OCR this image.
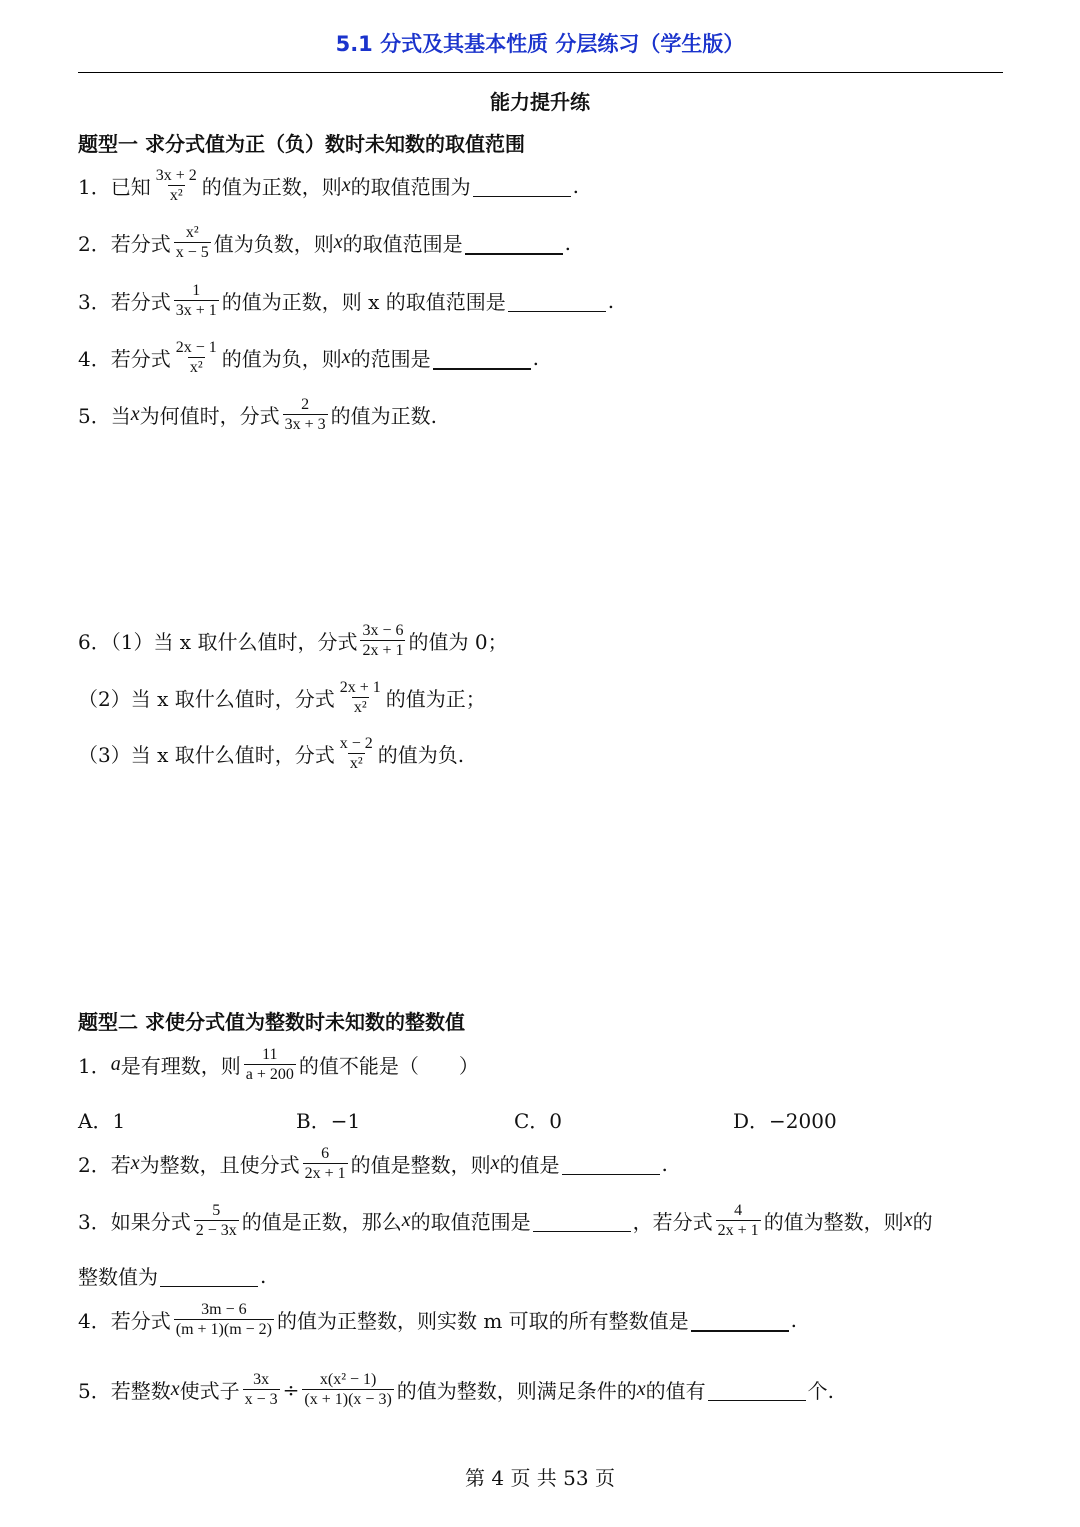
5.1 分式及其基本性质 分层练习（学生版）
能力提升练
题型一 求分式值为正（负）数时未知数的取值范围
1．已知 $\frac{3x + 2}{\text{x²}}$ 的值为正数，则 x 的取值范围为	.
2．若分式 $\frac{\text{x²}}{x - 5}$ 值为负数，则 x 的取值范围是	.
3．若分式 $\frac{1}{3x + 1}$ 的值为正数，则 x 的取值范围是	.
4．若分式 $\frac{2x - 1}{\text{x²}}$ 的值为负，则 x 的范围是	.
5．当 x 为何值时，分式 $\frac{2}{3x + 3}$ 的值为正数.
6．（1）当 x 取什么值时，分式 $\frac{3x - 6}{2x + 1}$ 的值为 0；
（2）当 x 取什么值时，分式 $\frac{2x + 1}{\text{x²}}$ 的值为正；
（3）当 x 取什么值时，分式 $\frac{x - 2}{\text{x²}}$ 的值为负.
题型二 求使分式值为整数时未知数的整数值
1． a 是有理数，则 $\frac{11}{a + 200}$ 的值不能是（　　）
A．1	B．−1	C．0	D．−2000
2．若 x 为整数，且使分式 $\frac{6}{2x + 1}$ 的值是整数，则 x 的值是	.
3．如果分式 $\frac{5}{2 - 3x}$ 的值是正数，那么 x 的取值范围是	，若分式 $\frac{4}{2x + 1}$ 的值为整数，则 x 的
整数值为	.
4．若分式 $\frac{3m - 6}{(m + 1)(m - 2)}$ 的值为正整数，则实数 m 可取的所有整数值是	.
5．若整数 x 使式子 $\frac{3x}{x - 3} \div \frac{\text{x(x² − 1)}}{(x + 1)(x - 3)}$ 的值为整数，则满足条件的 x 的值有	个.
第 4 页 共 53 页
